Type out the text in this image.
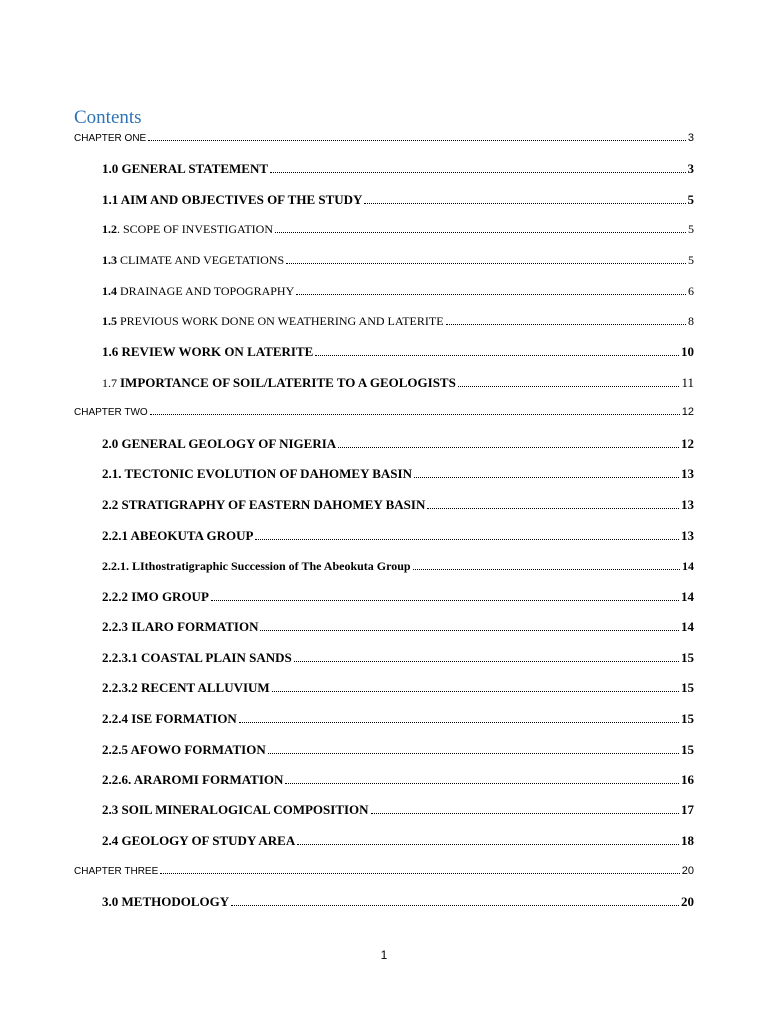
Contents
CHAPTER ONE	3
1.0 GENERAL STATEMENT	3
1.1 AIM AND OBJECTIVES OF THE STUDY	5
1.2. SCOPE OF INVESTIGATION	5
1.3 CLIMATE AND VEGETATIONS	5
1.4 DRAINAGE AND TOPOGRAPHY	6
1.5 PREVIOUS WORK DONE ON WEATHERING AND LATERITE	8
1.6 REVIEW WORK ON LATERITE	10
1.7 IMPORTANCE OF SOIL/LATERITE TO A GEOLOGISTS	11
CHAPTER TWO	12
2.0 GENERAL GEOLOGY OF NIGERIA	12
2.1. TECTONIC EVOLUTION OF DAHOMEY BASIN	13
2.2 STRATIGRAPHY OF EASTERN DAHOMEY BASIN	13
2.2.1 ABEOKUTA GROUP	13
2.2.1. LIthostratigraphic Succession of The Abeokuta Group	14
2.2.2 IMO GROUP	14
2.2.3 ILARO FORMATION	14
2.2.3.1 COASTAL PLAIN SANDS	15
2.2.3.2 RECENT ALLUVIUM	15
2.2.4 ISE FORMATION	15
2.2.5 AFOWO FORMATION	15
2.2.6. ARAROMI FORMATION	16
2.3 SOIL MINERALOGICAL COMPOSITION	17
2.4 GEOLOGY OF STUDY AREA	18
CHAPTER THREE	20
3.0 METHODOLOGY	20
1
